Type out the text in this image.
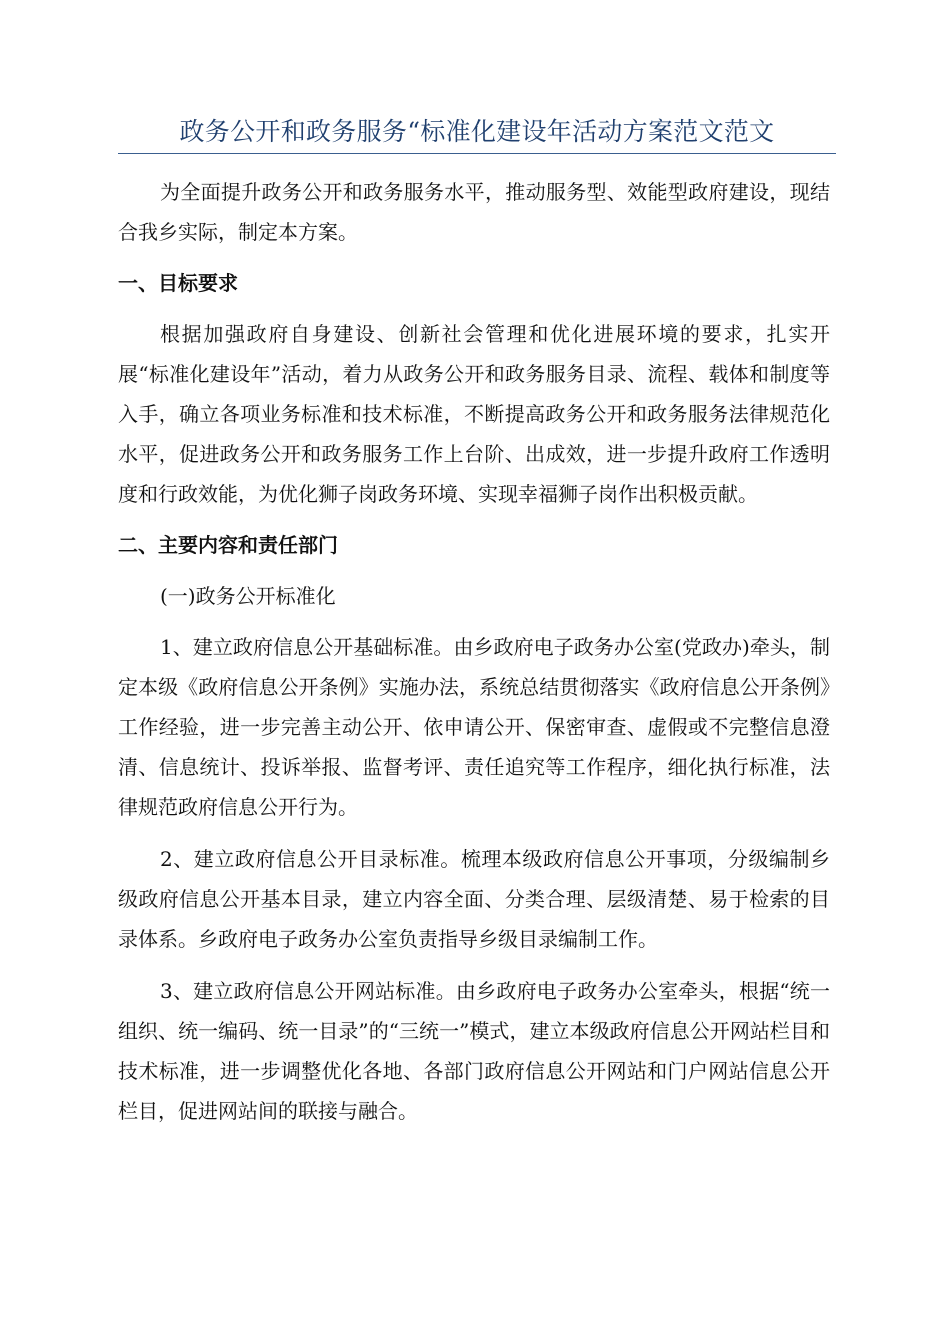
政务公开和政务服务“标准化建设年活动方案范文范文

为全面提升政务公开和政务服务水平，推动服务型、效能型政府建设，现结合我乡实际，制定本方案。

一、目标要求

根据加强政府自身建设、创新社会管理和优化进展环境的要求，扎实开展“标准化建设年”活动，着力从政务公开和政务服务目录、流程、载体和制度等入手，确立各项业务标准和技术标准，不断提高政务公开和政务服务法律规范化水平，促进政务公开和政务服务工作上台阶、出成效，进一步提升政府工作透明度和行政效能，为优化狮子岗政务环境、实现幸福狮子岗作出积极贡献。

二、主要内容和责任部门

(一)政务公开标准化

1、建立政府信息公开基础标准。由乡政府电子政务办公室(党政办)牵头，制定本级《政府信息公开条例》实施办法，系统总结贯彻落实《政府信息公开条例》工作经验，进一步完善主动公开、依申请公开、保密审查、虚假或不完整信息澄清、信息统计、投诉举报、监督考评、责任追究等工作程序，细化执行标准，法律规范政府信息公开行为。

2、建立政府信息公开目录标准。梳理本级政府信息公开事项，分级编制乡级政府信息公开基本目录，建立内容全面、分类合理、层级清楚、易于检索的目录体系。乡政府电子政务办公室负责指导乡级目录编制工作。

3、建立政府信息公开网站标准。由乡政府电子政务办公室牵头，根据“统一组织、统一编码、统一目录”的“三统一”模式，建立本级政府信息公开网站栏目和技术标准，进一步调整优化各地、各部门政府信息公开网站和门户网站信息公开栏目，促进网站间的联接与融合。
